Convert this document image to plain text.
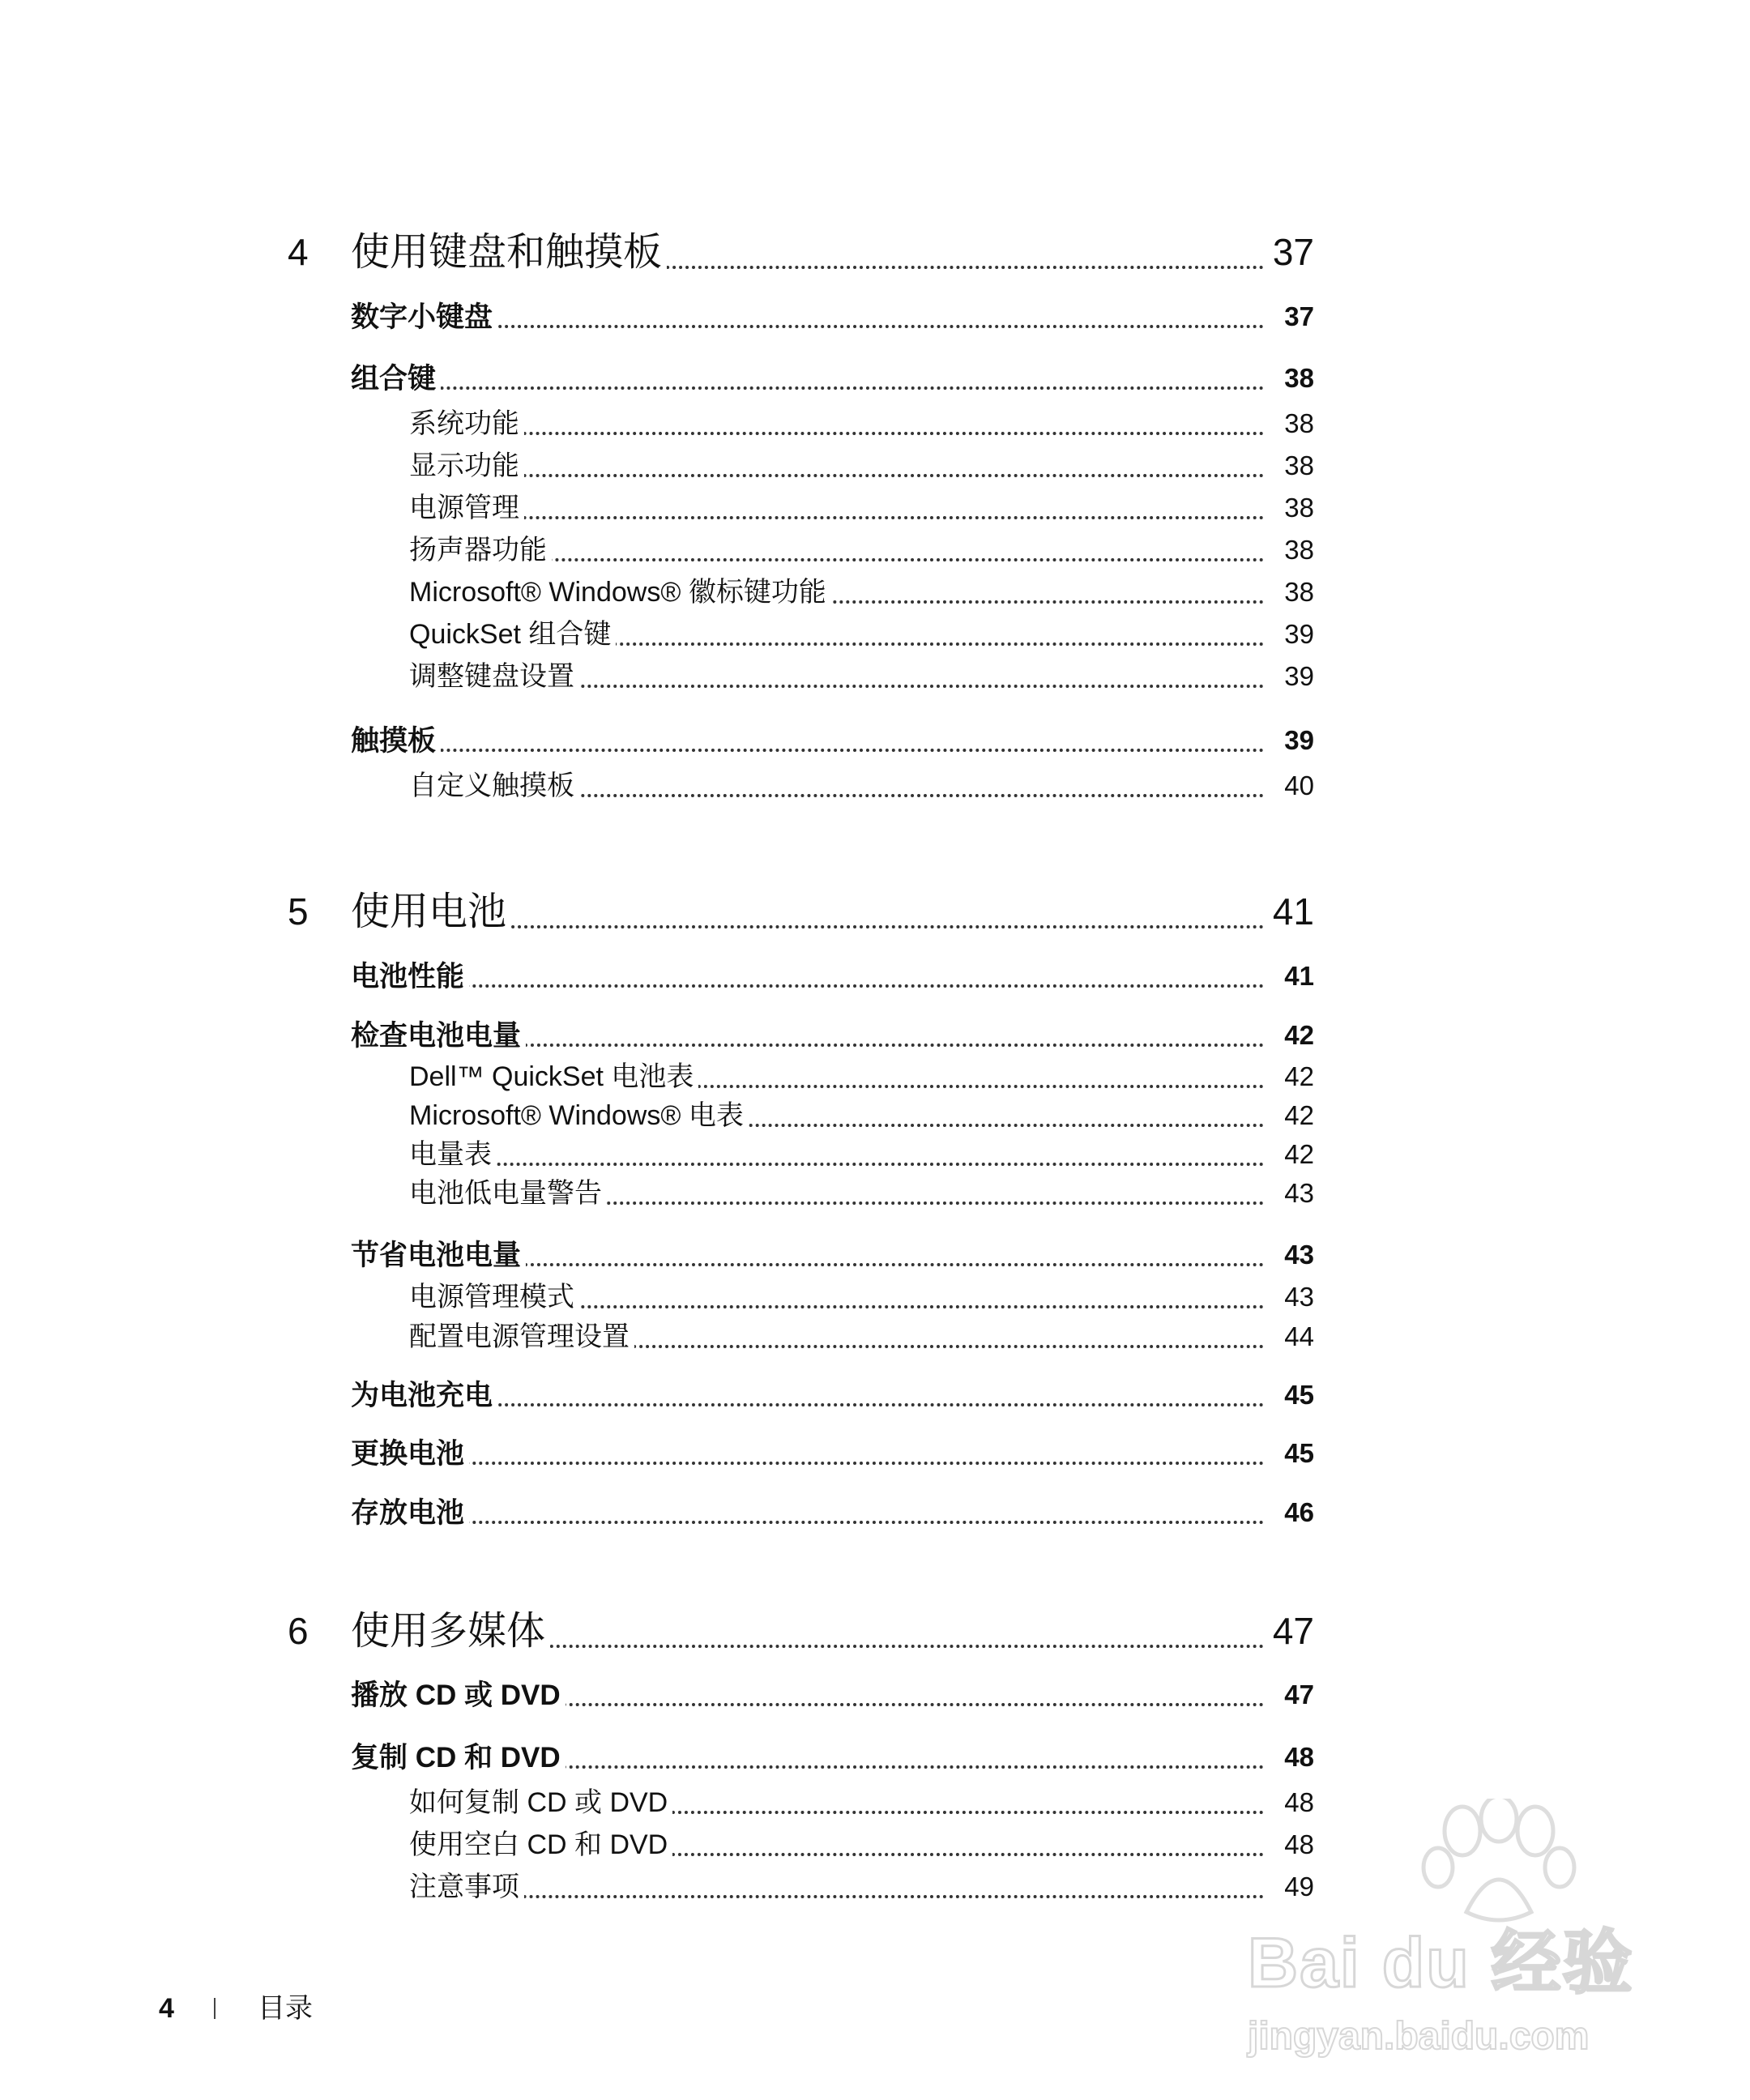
4 使用键盘和触摸板	37
数字小键盘	37
组合键	38
系统功能	38
显示功能	38
电源管理	38
扬声器功能	38
Microsoft® Windows® 徽标键功能	38
QuickSet 组合键	39
调整键盘设置	39
触摸板	39
自定义触摸板	40
5 使用电池	41
电池性能	41
检查电池电量	42
Dell™ QuickSet 电池表	42
Microsoft® Windows® 电表	42
电量表	42
电池低电量警告	43
节省电池电量	43
电源管理模式	43
配置电源管理设置	44
为电池充电	45
更换电池	45
存放电池	46
6 使用多媒体	47
播放 CD 或 DVD	47
复制 CD 和 DVD	48
如何复制 CD 或 DVD	48
使用空白 CD 和 DVD	48
注意事项	49
4	目录
Bai du 经验
jingyan.baidu.com
